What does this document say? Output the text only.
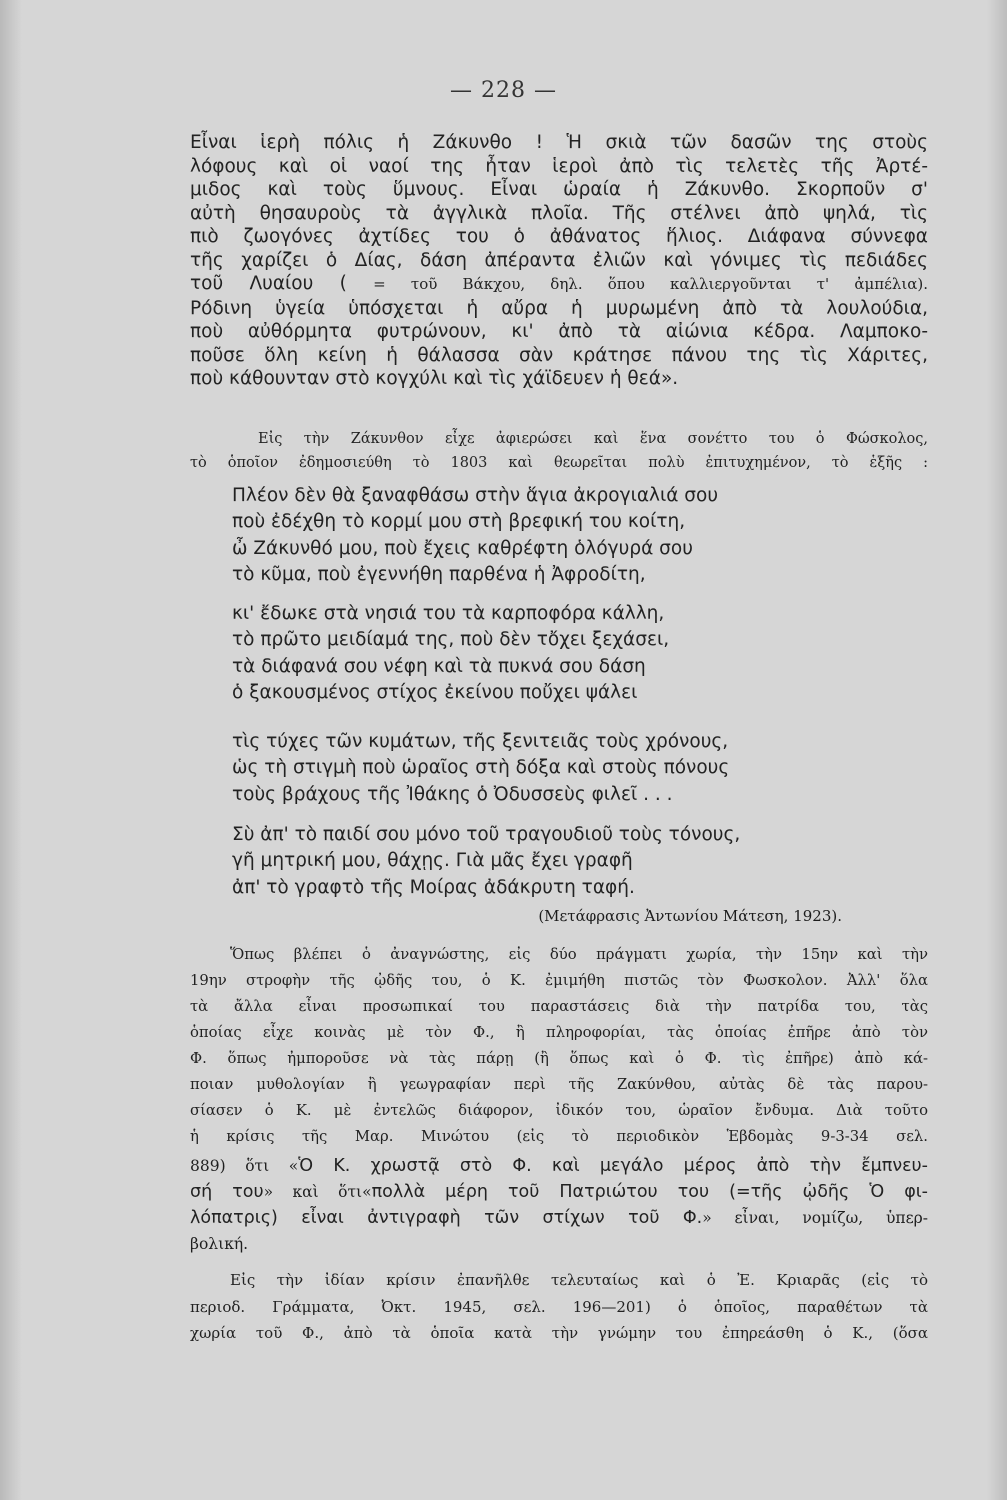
— 228 —
Εἶναι ἱερὴ πόλις ἡ Ζάκυνθο ! Ἡ σκιὰ τῶν δασῶν της στοὺς
λόφους καὶ οἱ ναοί της ἦταν ἱεροὶ ἀπὸ τὶς τελετὲς τῆς Ἀρτέ-
μιδος καὶ τοὺς ὕμνους. Εἶναι ὡραία ἡ Ζάκυνθο. Σκορποῦν σ'
αὐτὴ θησαυροὺς τὰ ἀγγλικὰ πλοῖα. Τῆς στέλνει ἀπὸ ψηλά, τὶς
πιὸ ζωογόνες ἀχτίδες του ὁ ἀθάνατος ἥλιος. Διάφανα σύννεφα
τῆς χαρίζει ὁ Δίας, δάση ἀπέραντα ἐλιῶν καὶ γόνιμες τὶς πεδιάδες
τοῦ Λυαίου ( = τοῦ Βάκχου, δηλ. ὅπου καλλιεργοῦνται τ' ἀμπέλια).
Ρόδινη ὑγεία ὑπόσχεται ἡ αὔρα ἡ μυρωμένη ἀπὸ τὰ λουλούδια,
ποὺ αὐθόρμητα φυτρώνουν, κι' ἀπὸ τὰ αἰώνια κέδρα. Λαμποκο-
ποῦσε ὅλη κείνη ἡ θάλασσα σὰν κράτησε πάνου της τὶς Χάριτες,
ποὺ κάθουνταν στὸ κογχύλι καὶ τὶς χάϊδευεν ἡ θεά».
Εἰς τὴν Ζάκυνθον εἶχε ἀφιερώσει καὶ ἕνα σονέττο του ὁ Φώσκολος,
τὸ ὁποῖον ἐδημοσιεύθη τὸ 1803 καὶ θεωρεῖται πολὺ ἐπιτυχημένον, τὸ ἑξῆς :
Πλέον δὲν θὰ ξαναφθάσω στὴν ἅγια ἀκρογιαλιά σου
ποὺ ἐδέχθη τὸ κορμί μου στὴ βρεφική του κοίτη,
ὦ Ζάκυνθό μου, ποὺ ἔχεις καθρέφτη ὁλόγυρά σου
τὸ κῦμα, ποὺ ἐγεννήθη παρθένα ἡ Ἀφροδίτη,
κι' ἔδωκε στὰ νησιά του τὰ καρποφόρα κάλλη,
τὸ πρῶτο μειδίαμά της, ποὺ δὲν τὄχει ξεχάσει,
τὰ διάφανά σου νέφη καὶ τὰ πυκνά σου δάση
ὁ ξακουσμένος στίχος ἐκείνου ποὔχει ψάλει
τὶς τύχες τῶν κυμάτων, τῆς ξενιτειᾶς τοὺς χρόνους,
ὡς τὴ στιγμὴ ποὺ ὡραῖος στὴ δόξα καὶ στοὺς πόνους
τοὺς βράχους τῆς Ἰθάκης ὁ Ὀδυσσεὺς φιλεῖ . . .
Σὺ ἀπ' τὸ παιδί σου μόνο τοῦ τραγουδιοῦ τοὺς τόνους,
γῆ μητρική μου, θάχῃς. Γιὰ μᾶς ἔχει γραφῆ
ἀπ' τὸ γραφτὸ τῆς Μοίρας ἀδάκρυτη ταφή.
(Μετάφρασις Ἀντωνίου Μάτεση, 1923).
Ὅπως βλέπει ὁ ἀναγνώστης, εἰς δύο πράγματι χωρία, τὴν 15ην καὶ τὴν
19ην στροφὴν τῆς ᾠδῆς του, ὁ Κ. ἐμιμήθη πιστῶς τὸν Φωσκολον. Ἀλλ' ὅλα
τὰ ἄλλα εἶναι προσωπικαί του παραστάσεις διὰ τὴν πατρίδα του, τὰς
ὁποίας εἶχε κοινὰς μὲ τὸν Φ., ἢ πληροφορίαι, τὰς ὁποίας ἐπῆρε ἀπὸ τὸν
Φ. ὅπως ἠμποροῦσε νὰ τὰς πάρῃ (ἢ ὅπως καὶ ὁ Φ. τὶς ἐπῆρε) ἀπὸ κά-
ποιαν μυθολογίαν ἢ γεωγραφίαν περὶ τῆς Ζακύνθου, αὐτὰς δὲ τὰς παρου-
σίασεν ὁ Κ. μὲ ἐντελῶς διάφορον, ἰδικόν του, ὡραῖον ἔνδυμα. Διὰ τοῦτο
ἡ κρίσις τῆς Μαρ. Μινώτου (εἰς τὸ περιοδικὸν Ἑβδομὰς 9-3-34 σελ.
889) ὅτι «Ὁ Κ. χρωστᾷ στὸ Φ. καὶ μεγάλο μέρος ἀπὸ τὴν ἔμπνευ-
σή του» καὶ ὅτι«πολλὰ μέρη τοῦ Πατριώτου του (=τῆς ᾠδῆς Ὁ φι-
λόπατρις) εἶναι ἀντιγραφὴ τῶν στίχων τοῦ Φ.» εἶναι, νομίζω, ὑπερ-
βολική.
Εἰς τὴν ἰδίαν κρίσιν ἐπανῆλθε τελευταίως καὶ ὁ Ἐ. Κριαρᾶς (εἰς τὸ
περιοδ. Γράμματα, Ὀκτ. 1945, σελ. 196—201) ὁ ὁποῖος, παραθέτων τὰ
χωρία τοῦ Φ., ἀπὸ τὰ ὁποῖα κατὰ τὴν γνώμην του ἐπηρεάσθη ὁ Κ., (ὅσα
